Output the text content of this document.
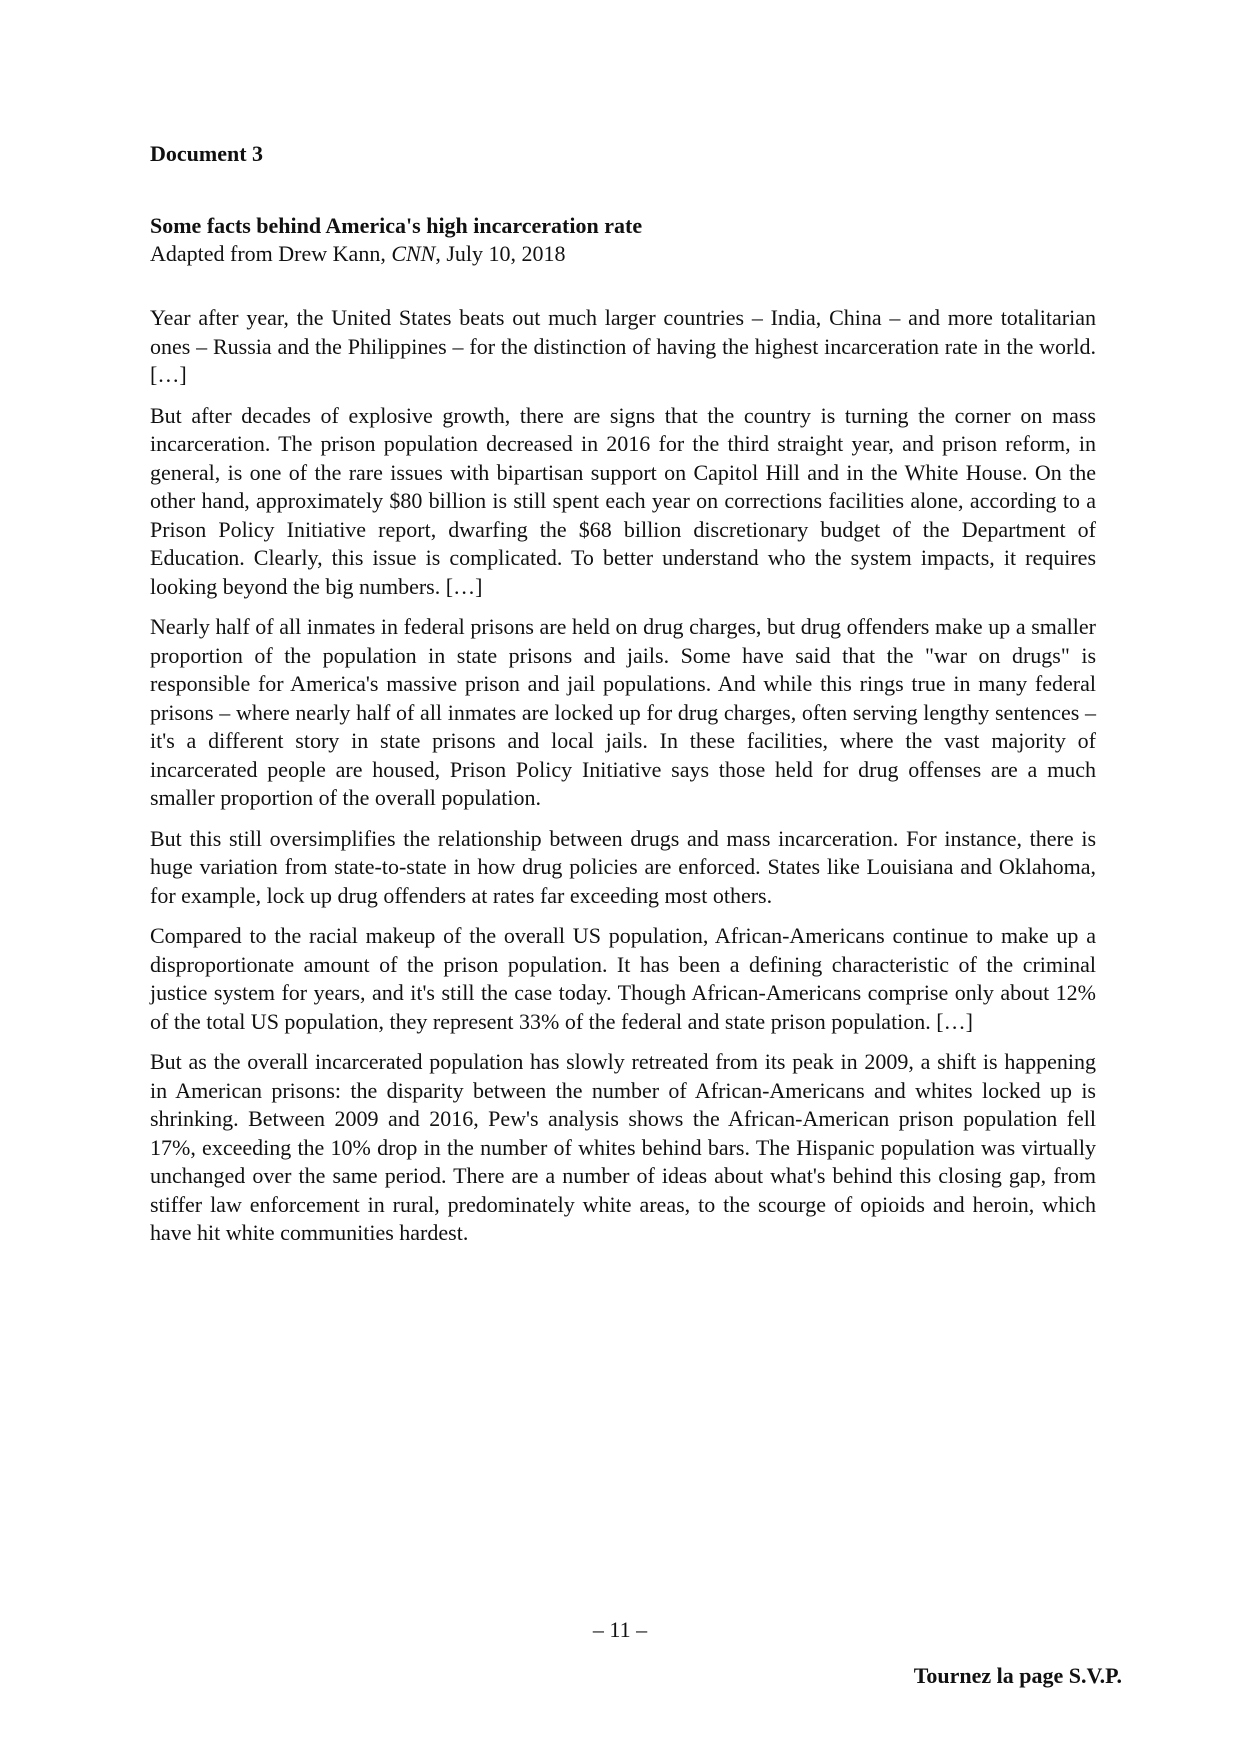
Document 3

Some facts behind America's high incarceration rate

Adapted from Drew Kann, CNN, July 10, 2018

Year after year, the United States beats out much larger countries – India, China – and more totalitarian ones – Russia and the Philippines – for the distinction of having the highest incarceration rate in the world. […]

But after decades of explosive growth, there are signs that the country is turning the corner on mass incarceration. The prison population decreased in 2016 for the third straight year, and prison reform, in general, is one of the rare issues with bipartisan support on Capitol Hill and in the White House. On the other hand, approximately $80 billion is still spent each year on corrections facilities alone, according to a Prison Policy Initiative report, dwarfing the $68 billion discretionary budget of the Department of Education. Clearly, this issue is complicated. To better understand who the system impacts, it requires looking beyond the big numbers. […]

Nearly half of all inmates in federal prisons are held on drug charges, but drug offenders make up a smaller proportion of the population in state prisons and jails. Some have said that the "war on drugs" is responsible for America's massive prison and jail populations. And while this rings true in many federal prisons – where nearly half of all inmates are locked up for drug charges, often serving lengthy sentences – it's a different story in state prisons and local jails. In these facilities, where the vast majority of incarcerated people are housed, Prison Policy Initiative says those held for drug offenses are a much smaller proportion of the overall population.

But this still oversimplifies the relationship between drugs and mass incarceration. For instance, there is huge variation from state-to-state in how drug policies are enforced. States like Louisiana and Oklahoma, for example, lock up drug offenders at rates far exceeding most others.

Compared to the racial makeup of the overall US population, African-Americans continue to make up a disproportionate amount of the prison population. It has been a defining characteristic of the criminal justice system for years, and it's still the case today. Though African-Americans comprise only about 12% of the total US population, they represent 33% of the federal and state prison population. […]

But as the overall incarcerated population has slowly retreated from its peak in 2009, a shift is happening in American prisons: the disparity between the number of African-Americans and whites locked up is shrinking. Between 2009 and 2016, Pew's analysis shows the African-American prison population fell 17%, exceeding the 10% drop in the number of whites behind bars. The Hispanic population was virtually unchanged over the same period. There are a number of ideas about what's behind this closing gap, from stiffer law enforcement in rural, predominately white areas, to the scourge of opioids and heroin, which have hit white communities hardest.

– 11 –
Tournez la page S.V.P.
